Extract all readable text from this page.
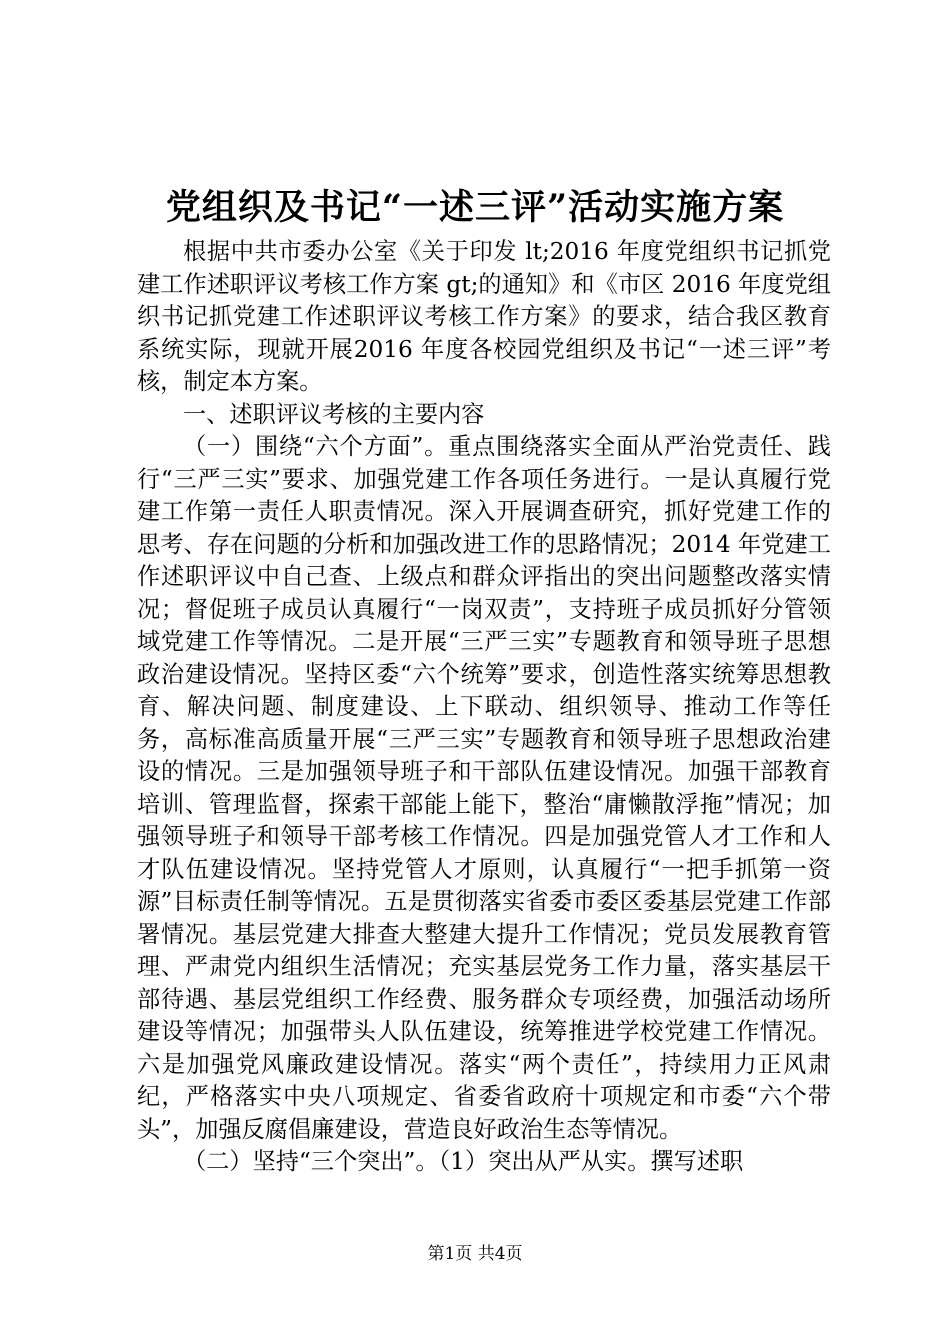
党组织及书记“一述三评”活动实施方案

根据中共市委办公室《关于印发 lt;2016 年度党组织书记抓党建工作述职评议考核工作方案 gt;的通知》和《市区 2016 年度党组织书记抓党建工作述职评议考核工作方案》的要求，结合我区教育系统实际，现就开展2016 年度各校园党组织及书记“一述三评”考核，制定本方案。

一、述职评议考核的主要内容

（一）围绕“六个方面”。重点围绕落实全面从严治党责任、践行“三严三实”要求、加强党建工作各项任务进行。一是认真履行党建工作第一责任人职责情况。深入开展调查研究，抓好党建工作的思考、存在问题的分析和加强改进工作的思路情况；2014 年党建工作述职评议中自己查、上级点和群众评指出的突出问题整改落实情况；督促班子成员认真履行“一岗双责”，支持班子成员抓好分管领域党建工作等情况。二是开展“三严三实”专题教育和领导班子思想政治建设情况。坚持区委“六个统筹”要求，创造性落实统筹思想教育、解决问题、制度建设、上下联动、组织领导、推动工作等任务，高标准高质量开展“三严三实”专题教育和领导班子思想政治建设的情况。三是加强领导班子和干部队伍建设情况。加强干部教育培训、管理监督，探索干部能上能下，整治“庸懒散浮拖”情况；加强领导班子和领导干部考核工作情况。四是加强党管人才工作和人才队伍建设情况。坚持党管人才原则，认真履行“一把手抓第一资源”目标责任制等情况。五是贯彻落实省委市委区委基层党建工作部署情况。基层党建大排查大整建大提升工作情况；党员发展教育管理、严肃党内组织生活情况；充实基层党务工作力量，落实基层干部待遇、基层党组织工作经费、服务群众专项经费，加强活动场所建设等情况；加强带头人队伍建设，统筹推进学校党建工作情况。六是加强党风廉政建设情况。落实“两个责任”，持续用力正风肃纪，严格落实中央八项规定、省委省政府十项规定和市委“六个带头”，加强反腐倡廉建设，营造良好政治生态等情况。

（二）坚持“三个突出”。（1）突出从严从实。撰写述职

第1页 共4页
